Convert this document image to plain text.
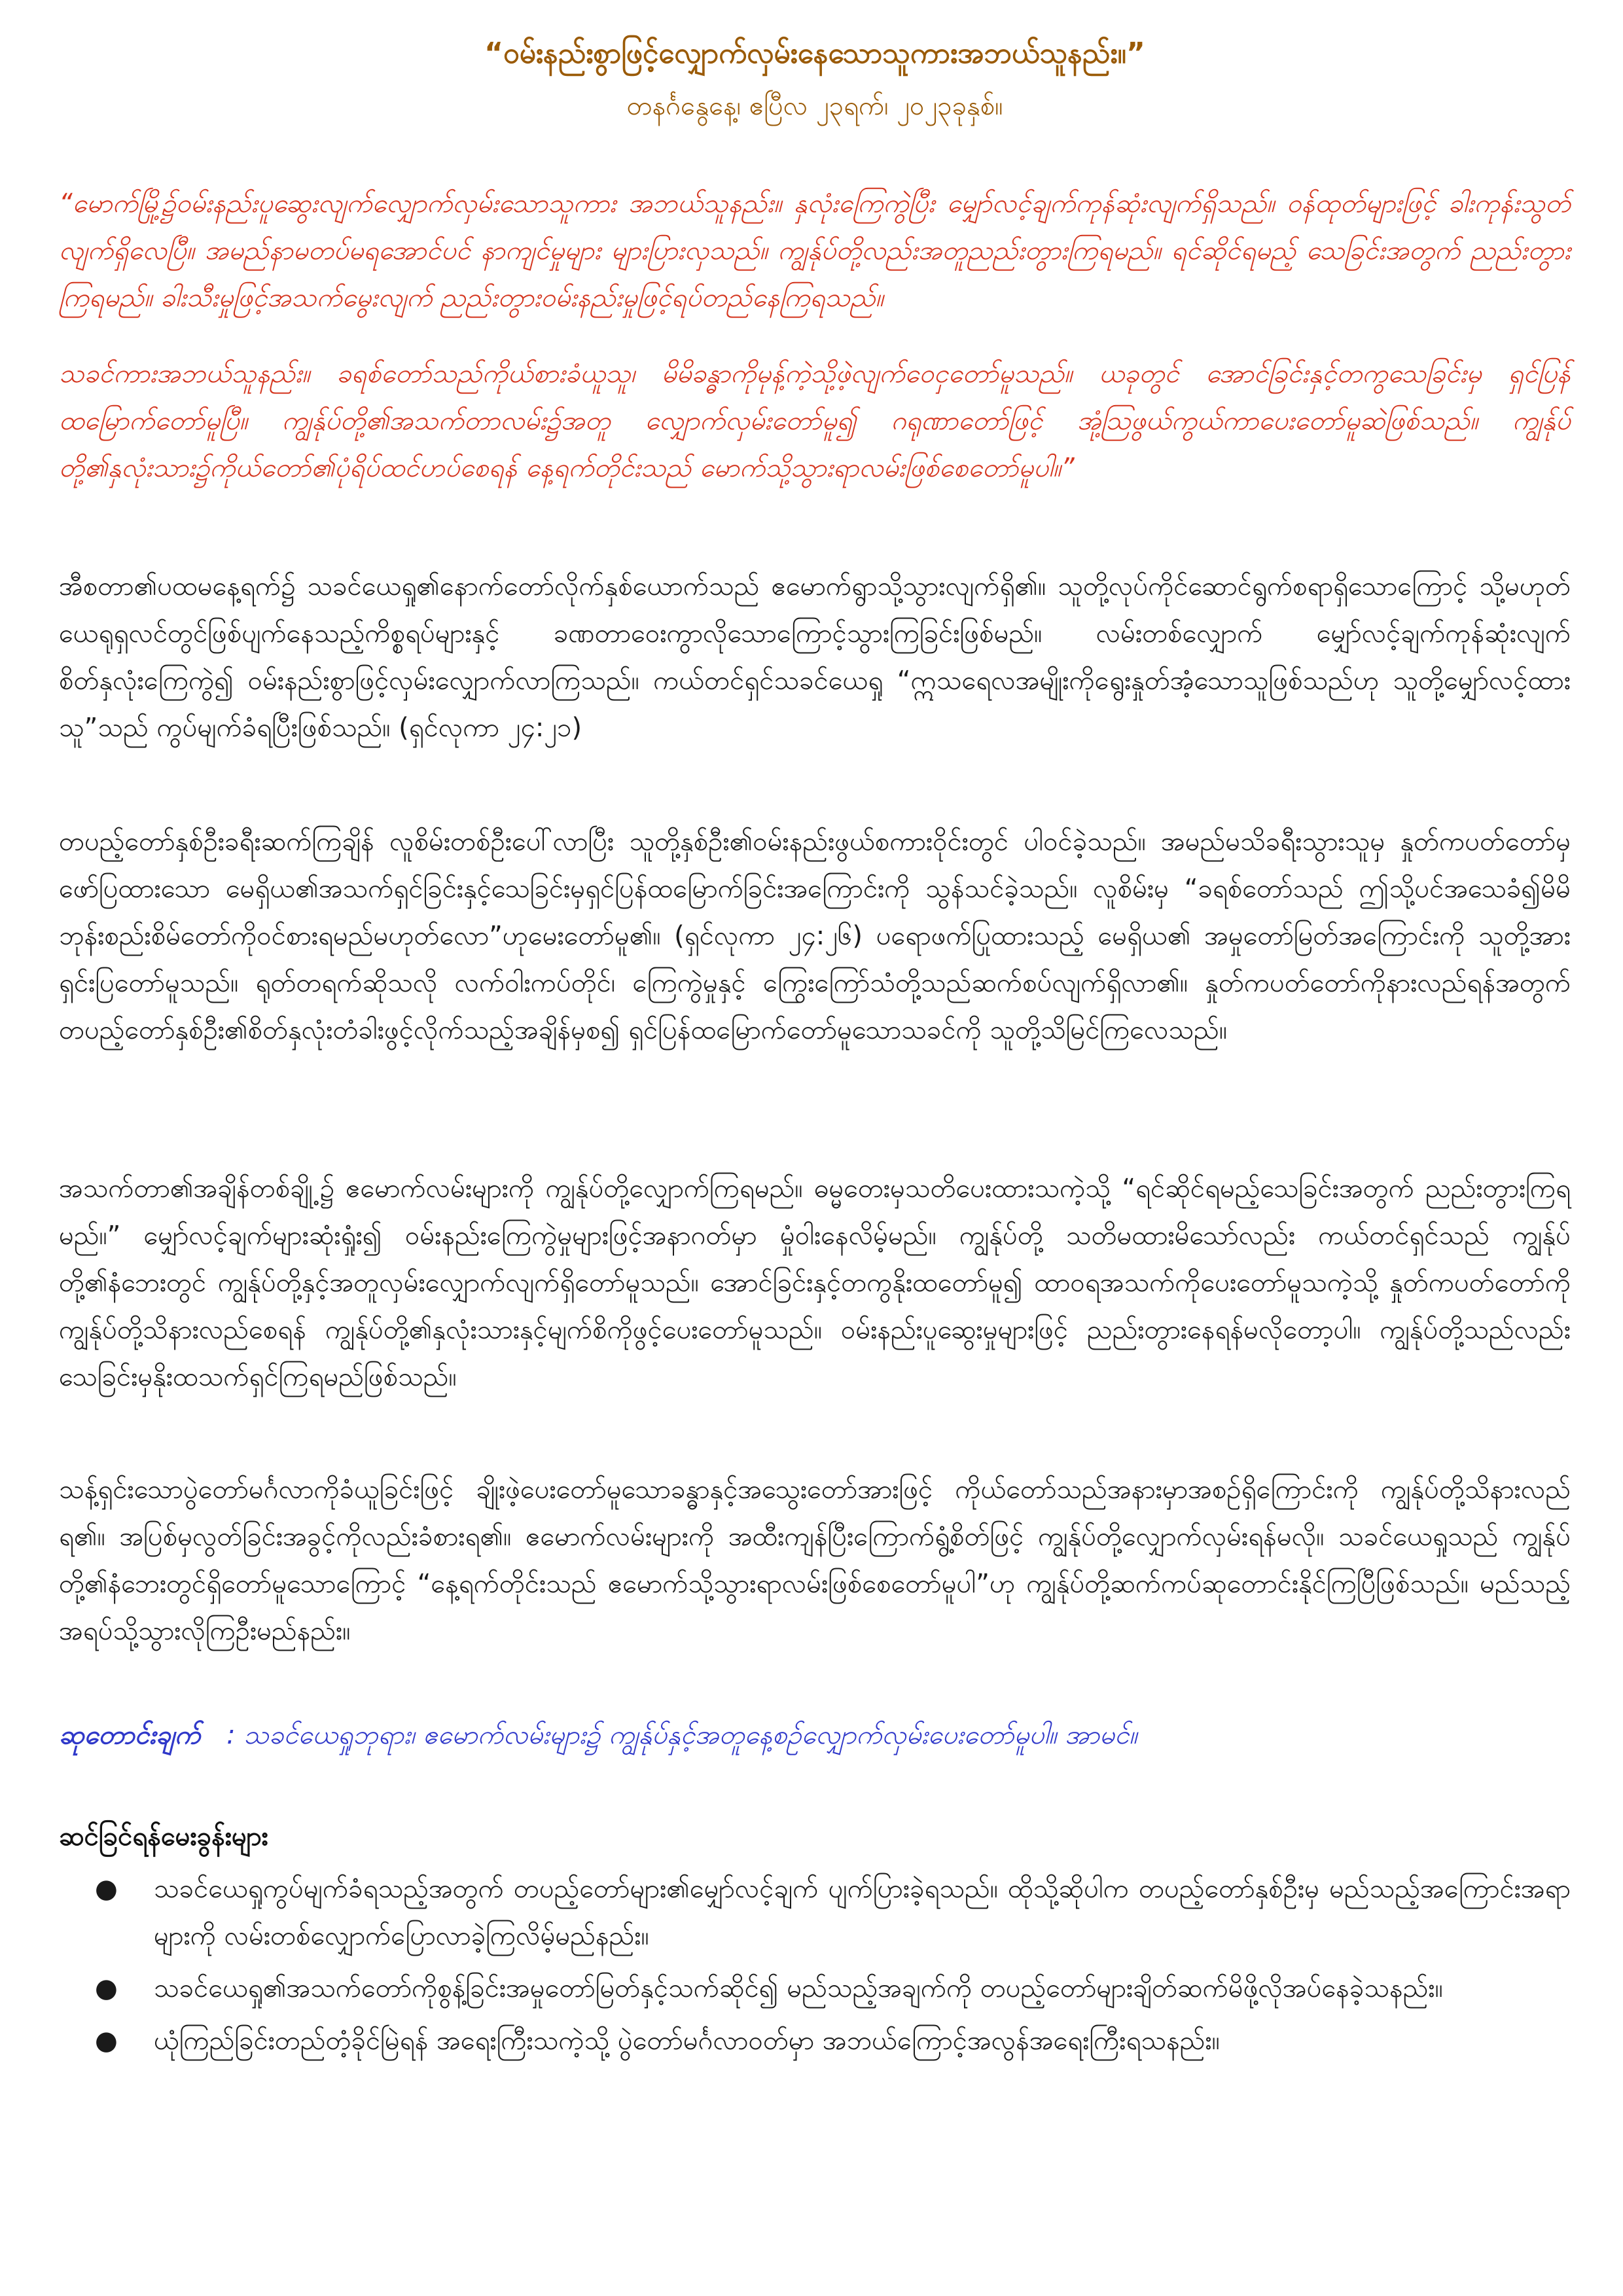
“ဝမ်းနည်းစွာဖြင့်လျှောက်လှမ်းနေသောသူကားအဘယ်သူနည်း။”
တနင်္ဂနွေနေ့၊ ဧပြီလ ၂၃ရက်၊ ၂၀၂၃ခုနှစ်။

“မောက်မြို့၌ဝမ်းနည်းပူဆွေးလျက်လျှောက်လှမ်းသောသူကား အဘယ်သူနည်း။ နှလုံးကြေကွဲပြီး မျှော်လင့်ချက်ကုန်ဆုံးလျက်ရှိသည်။ ဝန်ထုတ်များဖြင့် ခါးကုန်းသွတ်လျက်ရှိလေပြီ။ အမည်နာမတပ်မရအောင်ပင် နာကျင်မှုများ များပြားလှသည်။ ကျွန်ုပ်တို့လည်းအတူညည်းတွားကြရမည်။ ရင်ဆိုင်ရမည့် သေခြင်းအတွက် ညည်းတွားကြရမည်။ ခါးသီးမှုဖြင့်အသက်မွေးလျက် ညည်းတွားဝမ်းနည်းမှုဖြင့်ရပ်တည်နေကြရသည်။

သခင်ကားအဘယ်သူနည်း။ ခရစ်တော်သည်ကိုယ်စားခံယူသူ၊ မိမိခန္ဓာကိုမုန့်ကဲ့သို့ဖဲ့လျက်ဝေငှတော်မူသည်။ ယခုတွင် အောင်ခြင်းနှင့်တကွသေခြင်းမှ ရှင်ပြန်ထမြောက်တော်မူပြီ။ ကျွန်ုပ်တို့၏အသက်တာလမ်း၌အတူ လျှောက်လှမ်းတော်မူ၍ ဂရုဏာတော်ဖြင့် အုံ့သြဖွယ်ကွယ်ကာပေးတော်မူဆဲဖြစ်သည်။ ကျွန်ုပ်တို့၏နှလုံးသား၌ကိုယ်တော်၏ပုံရိပ်ထင်ဟပ်စေရန် နေ့ရက်တိုင်းသည် မောက်သို့သွားရာလမ်းဖြစ်စေတော်မူပါ။”

အီစတာ၏ပထမနေ့ရက်၌ သခင်ယေရှု၏နောက်တော်လိုက်နှစ်ယောက်သည် ဧမောက်ရွာသို့သွားလျက်ရှိ၏။ သူတို့လုပ်ကိုင်ဆောင်ရွက်စရာရှိသောကြောင့် သို့မဟုတ် ယေရုရှလင်တွင်ဖြစ်ပျက်နေသည့်ကိစ္စရပ်များနှင့် ခဏတာဝေးကွာလိုသောကြောင့်သွားကြခြင်းဖြစ်မည်။ လမ်းတစ်လျှောက် မျှော်လင့်ချက်ကုန်ဆုံးလျက် စိတ်နှလုံးကြေကွဲ၍ ဝမ်းနည်းစွာဖြင့်လှမ်းလျှောက်လာကြသည်။ ကယ်တင်ရှင်သခင်ယေရှု “ဣသရေလအမျိုးကိုရွေးနှုတ်အံ့သောသူဖြစ်သည်ဟု သူတို့မျှော်လင့်ထားသူ”သည် ကွပ်မျက်ခံရပြီးဖြစ်သည်။ (ရှင်လုကာ ၂၄:၂၁)

တပည့်တော်နှစ်ဦးခရီးဆက်ကြချိန် လူစိမ်းတစ်ဦးပေါ်လာပြီး သူတို့နှစ်ဦး၏ဝမ်းနည်းဖွယ်စကားဝိုင်းတွင် ပါဝင်ခဲ့သည်။ အမည်မသိခရီးသွားသူမှ နှုတ်ကပတ်တော်မှဖော်ပြထားသော မေရှိယ၏အသက်ရှင်ခြင်းနှင့်သေခြင်းမှရှင်ပြန်ထမြောက်ခြင်းအကြောင်းကို သွန်သင်ခဲ့သည်။ လူစိမ်းမှ “ခရစ်တော်သည် ဤသို့ပင်အသေခံ၍မိမိဘုန်းစည်းစိမ်တော်ကိုဝင်စားရမည်မဟုတ်လော”ဟုမေးတော်မူ၏။ (ရှင်လုကာ ၂၄:၂၆) ပရောဖက်ပြုထားသည့် မေရှိယ၏ အမှုတော်မြတ်အကြောင်းကို သူတို့အားရှင်းပြတော်မူသည်။ ရုတ်တရက်ဆိုသလို လက်ဝါးကပ်တိုင်၊ ကြေကွဲမှုနှင့် ကြွေးကြော်သံတို့သည်ဆက်စပ်လျက်ရှိလာ၏။ နှုတ်ကပတ်တော်ကိုနားလည်ရန်အတွက် တပည့်တော်နှစ်ဦး၏စိတ်နှလုံးတံခါးဖွင့်လိုက်သည့်အချိန်မှစ၍ ရှင်ပြန်ထမြောက်တော်မူသောသခင်ကို သူတို့သိမြင်ကြလေသည်။

အသက်တာ၏အချိန်တစ်ချို့၌ ဧမောက်လမ်းများကို ကျွန်ုပ်တို့လျှောက်ကြရမည်။ ဓမ္မတေးမှသတိပေးထားသကဲ့သို့ “ရင်ဆိုင်ရမည့်သေခြင်းအတွက် ညည်းတွားကြရမည်။” မျှော်လင့်ချက်များဆုံးရှုံး၍ ဝမ်းနည်းကြေကွဲမှုများဖြင့်အနာဂတ်မှာ မှုံဝါးနေလိမ့်မည်။ ကျွန်ုပ်တို့ သတိမထားမိသော်လည်း ကယ်တင်ရှင်သည် ကျွန်ုပ်တို့၏နံဘေးတွင် ကျွန်ုပ်တို့နှင့်အတူလှမ်းလျှောက်လျက်ရှိတော်မူသည်။ အောင်ခြင်းနှင့်တကွနိုးထတော်မူ၍ ထာဝရအသက်ကိုပေးတော်မူသကဲ့သို့ နှုတ်ကပတ်တော်ကို ကျွန်ုပ်တို့သိနားလည်စေရန် ကျွန်ုပ်တို့၏နှလုံးသားနှင့်မျက်စိကိုဖွင့်ပေးတော်မူသည်။ ဝမ်းနည်းပူဆွေးမှုများဖြင့် ညည်းတွားနေရန်မလိုတော့ပါ။ ကျွန်ုပ်တို့သည်လည်း သေခြင်းမှနိုးထသက်ရှင်ကြရမည်ဖြစ်သည်။

သန့်ရှင်းသောပွဲတော်မင်္ဂလာကိုခံယူခြင်းဖြင့် ချိုးဖဲ့ပေးတော်မူသောခန္ဓာနှင့်အသွေးတော်အားဖြင့် ကိုယ်တော်သည်အနားမှာအစဉ်ရှိကြောင်းကို ကျွန်ုပ်တို့သိနားလည်ရ၏။ အပြစ်မှလွတ်ခြင်းအခွင့်ကိုလည်းခံစားရ၏။ ဧမောက်လမ်းများကို အထီးကျန်ပြီးကြောက်ရွံ့စိတ်ဖြင့် ကျွန်ုပ်တို့လျှောက်လှမ်းရန်မလို။ သခင်ယေရှုသည် ကျွန်ုပ်တို့၏နံဘေးတွင်ရှိတော်မူသောကြောင့် “နေ့ရက်တိုင်းသည် ဧမောက်သို့သွားရာလမ်းဖြစ်စေတော်မူပါ”ဟု ကျွန်ုပ်တို့ဆက်ကပ်ဆုတောင်းနိုင်ကြပြီဖြစ်သည်။ မည်သည့်အရပ်သို့သွားလိုကြဦးမည်နည်း။

ဆုတောင်းချက် : သခင်ယေရှုဘုရား၊ ဧမောက်လမ်းများ၌ ကျွန်ုပ်နှင့်အတူနေ့စဉ်လျှောက်လှမ်းပေးတော်မူပါ။ အာမင်။
ဆင်ခြင်ရန်မေးခွန်းများ
● သခင်ယေရှုကွပ်မျက်ခံရသည့်အတွက် တပည့်တော်များ၏မျှော်လင့်ချက် ပျက်ပြားခဲ့ရသည်။ ထိုသို့ဆိုပါက တပည့်တော်နှစ်ဦးမှ မည်သည့်အကြောင်းအရာများကို လမ်းတစ်လျှောက်ပြောလာခဲ့ကြလိမ့်မည်နည်း။
● သခင်ယေရှု၏အသက်တော်ကိုစွန့်ခြင်းအမှုတော်မြတ်နှင့်သက်ဆိုင်၍ မည်သည့်အချက်ကို တပည့်တော်များချိတ်ဆက်မိဖို့လိုအပ်နေခဲ့သနည်း။
● ယုံကြည်ခြင်းတည်တံ့ခိုင်မြဲရန် အရေးကြီးသကဲ့သို့ ပွဲတော်မင်္ဂလာဝတ်မှာ အဘယ်ကြောင့်အလွန်အရေးကြီးရသနည်း။
